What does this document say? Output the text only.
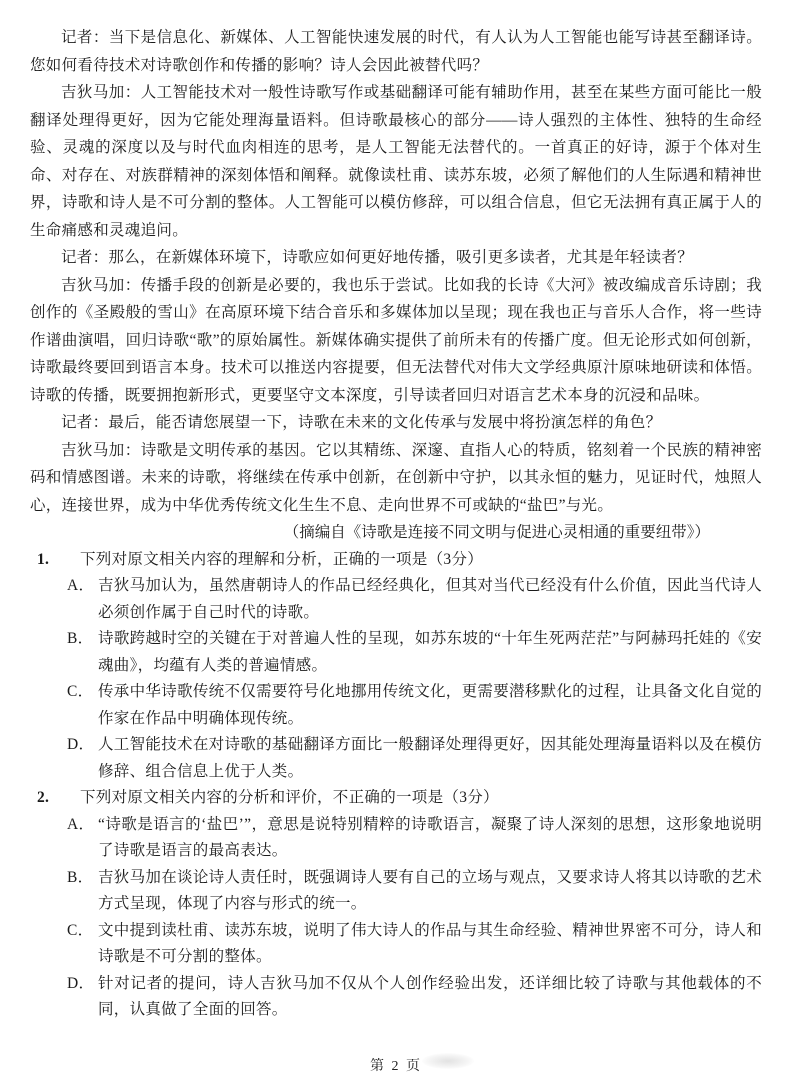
记者：当下是信息化、新媒体、人工智能快速发展的时代，有人认为人工智能也能写诗甚至翻译诗。您如何看待技术对诗歌创作和传播的影响？诗人会因此被替代吗？

吉狄马加：人工智能技术对一般性诗歌写作或基础翻译可能有辅助作用，甚至在某些方面可能比一般翻译处理得更好，因为它能处理海量语料。但诗歌最核心的部分——诗人强烈的主体性、独特的生命经验、灵魂的深度以及与时代血肉相连的思考，是人工智能无法替代的。一首真正的好诗，源于个体对生命、对存在、对族群精神的深刻体悟和阐释。就像读杜甫、读苏东坡，必须了解他们的人生际遇和精神世界，诗歌和诗人是不可分割的整体。人工智能可以模仿修辞，可以组合信息，但它无法拥有真正属于人的生命痛感和灵魂追问。

记者：那么，在新媒体环境下，诗歌应如何更好地传播，吸引更多读者，尤其是年轻读者？

吉狄马加：传播手段的创新是必要的，我也乐于尝试。比如我的长诗《大河》被改编成音乐诗剧；我创作的《圣殿般的雪山》在高原环境下结合音乐和多媒体加以呈现；现在我也正与音乐人合作，将一些诗作谱曲演唱，回归诗歌“歌”的原始属性。新媒体确实提供了前所未有的传播广度。但无论形式如何创新，诗歌最终要回到语言本身。技术可以推送内容提要，但无法替代对伟大文学经典原汁原味地研读和体悟。诗歌的传播，既要拥抱新形式，更要坚守文本深度，引导读者回归对语言艺术本身的沉浸和品味。

记者：最后，能否请您展望一下，诗歌在未来的文化传承与发展中将扮演怎样的角色？

吉狄马加：诗歌是文明传承的基因。它以其精练、深邃、直指人心的特质，铭刻着一个民族的精神密码和情感图谱。未来的诗歌，将继续在传承中创新，在创新中守护，以其永恒的魅力，见证时代，烛照人心，连接世界，成为中华优秀传统文化生生不息、走向世界不可或缺的“盐巴”与光。

（摘编自《诗歌是连接不同文明与促进心灵相通的重要纽带》）

1.	下列对原文相关内容的理解和分析，正确的一项是（3分）
A． 吉狄马加认为，虽然唐朝诗人的作品已经经典化，但其对当代已经没有什么价值，因此当代诗人必须创作属于自己时代的诗歌。
B． 诗歌跨越时空的关键在于对普遍人性的呈现，如苏东坡的“十年生死两茫茫”与阿赫玛托娃的《安魂曲》，均蕴有人类的普遍情感。
C． 传承中华诗歌传统不仅需要符号化地挪用传统文化，更需要潜移默化的过程，让具备文化自觉的作家在作品中明确体现传统。
D． 人工智能技术在对诗歌的基础翻译方面比一般翻译处理得更好，因其能处理海量语料以及在模仿修辞、组合信息上优于人类。
2.	下列对原文相关内容的分析和评价，不正确的一项是（3分）
A． “诗歌是语言的‘盐巴’”，意思是说特别精粹的诗歌语言，凝聚了诗人深刻的思想，这形象地说明了诗歌是语言的最高表达。
B． 吉狄马加在谈论诗人责任时，既强调诗人要有自己的立场与观点，又要求诗人将其以诗歌的艺术方式呈现，体现了内容与形式的统一。
C． 文中提到读杜甫、读苏东坡，说明了伟大诗人的作品与其生命经验、精神世界密不可分，诗人和诗歌是不可分割的整体。
D． 针对记者的提问，诗人吉狄马加不仅从个人创作经验出发，还详细比较了诗歌与其他载体的不同，认真做了全面的回答。
第 2 页
